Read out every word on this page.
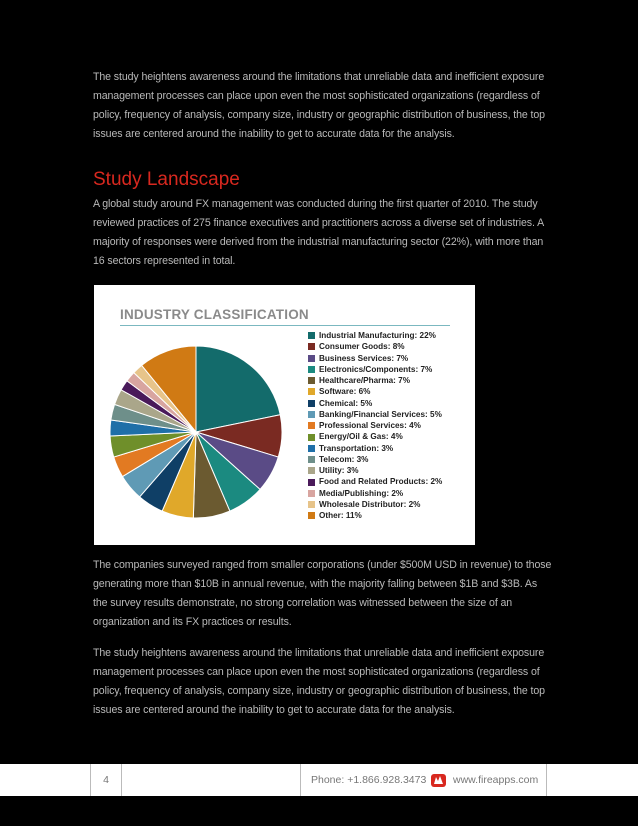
The study heightens awareness around the limitations that unreliable data and inefficient exposure management processes can place upon even the most sophisticated organizations (regardless of policy, frequency of analysis, company size, industry or geographic distribution of business, the top issues are centered around the inability to get to accurate data for the analysis.

Study Landscape

A global study around FX management was conducted during the first quarter of 2010. The study reviewed practices of 275 finance executives and practitioners across a diverse set of industries. A majority of responses were derived from the industrial manufacturing sector (22%), with more than 16 sectors represented in total.

INDUSTRY CLASSIFICATION
Industrial Manufacturing: 22%
Consumer Goods: 8%
Business Services: 7%
Electronics/Components: 7%
Healthcare/Pharma: 7%
Software: 6%
Chemical: 5%
Banking/Financial Services: 5%
Professional Services: 4%
Energy/Oil & Gas: 4%
Transportation: 3%
Telecom: 3%
Utility: 3%
Food and Related Products: 2%
Media/Publishing: 2%
Wholesale Distributor: 2%
Other: 11%

The companies surveyed ranged from smaller corporations (under $500M USD in revenue) to those generating more than $10B in annual revenue, with the majority falling between $1B and $3B. As the survey results demonstrate, no strong correlation was witnessed between the size of an organization and its FX practices or results.

The study heightens awareness around the limitations that unreliable data and inefficient exposure management processes can place upon even the most sophisticated organizations (regardless of policy, frequency of analysis, company size, industry or geographic distribution of business, the top issues are centered around the inability to get to accurate data for the analysis.

4	Phone: +1.866.928.3473	www.fireapps.com
